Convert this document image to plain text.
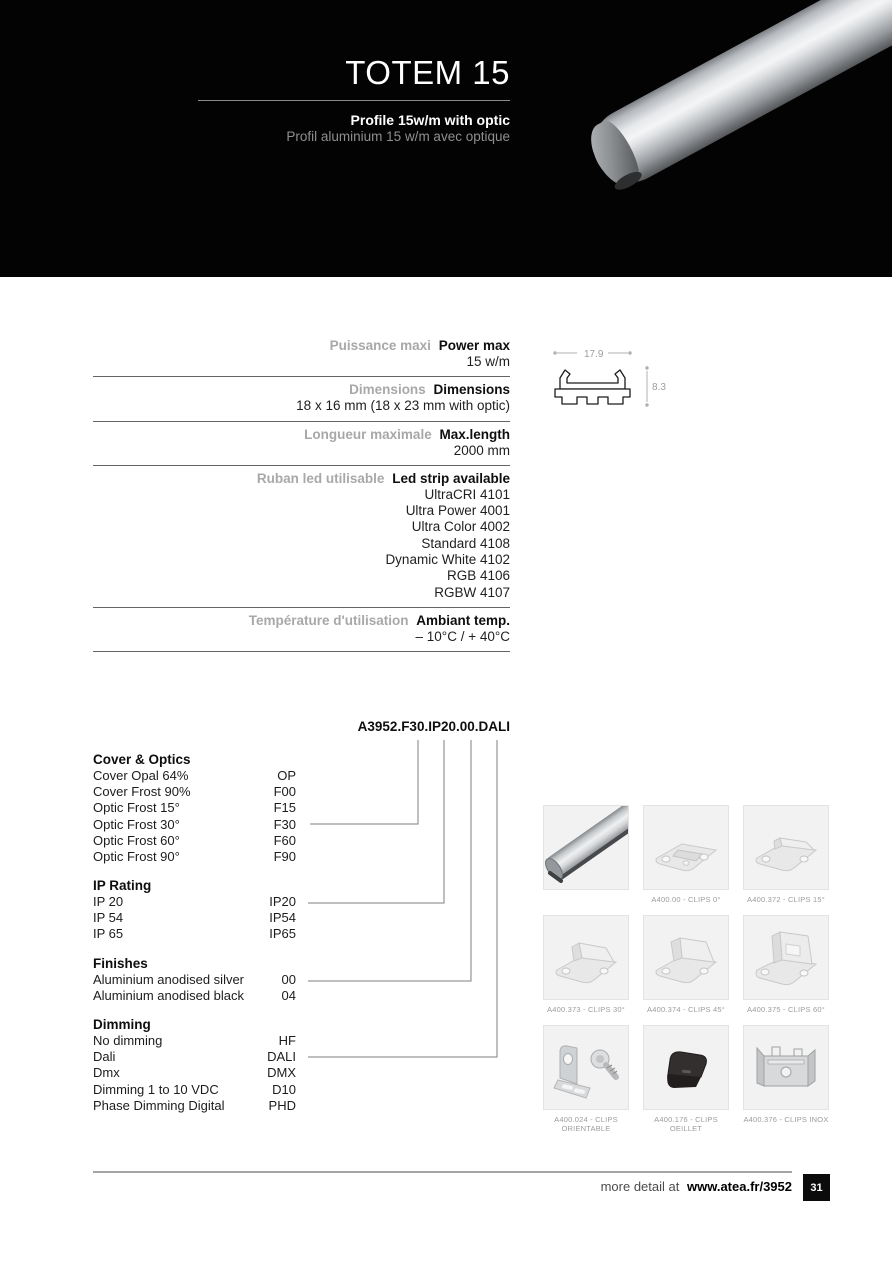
TOTEM 15
Profile 15w/m with optic
Profil aluminium 15 w/m avec optique
Puissance maxi Power max
15 w/m
Dimensions Dimensions
18 x 16 mm (18 x 23 mm with optic)
Longueur maximale Max.length
2000 mm
Ruban led utilisable Led strip available
UltraCRI 4101
Ultra Power 4001
Ultra Color 4002
Standard 4108
Dynamic White 4102
RGB 4106
RGBW 4107
Température d'utilisation Ambiant temp.
– 10°C / + 40°C
17.9
8.3
A3952.F30.IP20.00.DALI
Cover & Optics
Cover Opal 64%	OP
Cover Frost 90%	F00
Optic Frost 15°	F15
Optic Frost 30°	F30
Optic Frost 60°	F60
Optic Frost 90°	F90
IP Rating
IP 20	IP20
IP 54	IP54
IP 65	IP65
Finishes
Aluminium anodised silver	00
Aluminium anodised black	04
Dimming
No dimming	HF
Dali	DALI
Dmx	DMX
Dimming 1 to 10 VDC	D10
Phase Dimming Digital	PHD
A400.00 - CLIPS 0°	A400.372 - CLIPS 15°
A400.373 - CLIPS 30°	A400.374 - CLIPS 45°	A400.375 - CLIPS 60°
A400.024 - CLIPS ORIENTABLE
A400.176 - CLIPS OEILLET
A400.376 - CLIPS INOX
more detail at www.atea.fr/3952	31
